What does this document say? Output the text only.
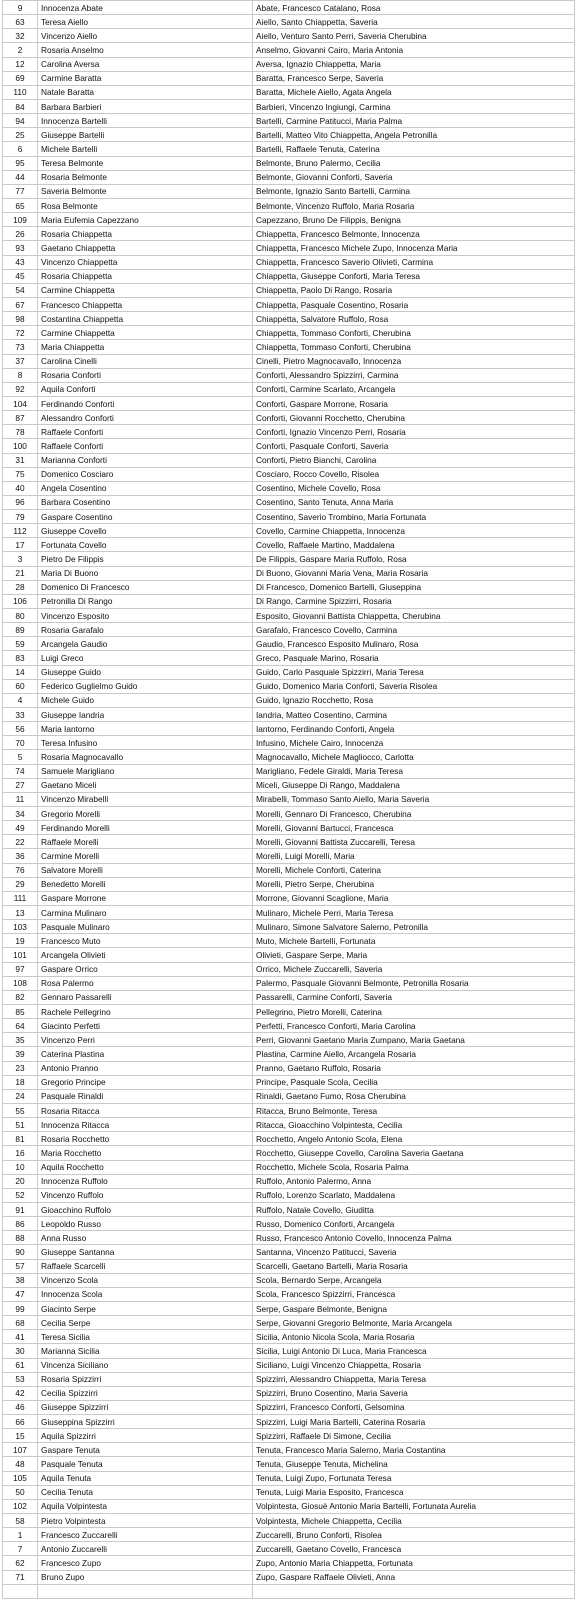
9	Innocenza Abate	Abate, Francesco Catalano, Rosa
63	Teresa Aiello	Aiello, Santo Chiappetta, Saveria
32	Vincenzo Aiello	Aiello, Venturo Santo Perri, Saveria Cherubina
2	Rosaria Anselmo	Anselmo, Giovanni Cairo, Maria Antonia
12	Carolina Aversa	Aversa, Ignazio Chiappetta, Maria
69	Carmine Baratta	Baratta, Francesco Serpe, Saveria
110	Natale Baratta	Baratta, Michele Aiello, Agata Angela
84	Barbara Barbieri	Barbieri, Vincenzo Ingiungi, Carmina
94	Innocenza Bartelli	Bartelli, Carmine Patitucci, Maria Palma
25	Giuseppe Bartelli	Bartelli, Matteo Vito Chiappetta, Angela Petronilla
6	Michele Bartelli	Bartelli, Raffaele Tenuta, Caterina
95	Teresa Belmonte	Belmonte, Bruno Palermo, Cecilia
44	Rosaria Belmonte	Belmonte, Giovanni Conforti, Saveria
77	Saveria Belmonte	Belmonte, Ignazio Santo Bartelli, Carmina
65	Rosa Belmonte	Belmonte, Vincenzo Ruffolo, Maria Rosaria
109	Maria Eufemia Capezzano	Capezzano, Bruno De Filippis, Benigna
26	Rosaria Chiappetta	Chiappetta, Francesco Belmonte, Innocenza
93	Gaetano Chiappetta	Chiappetta, Francesco Michele Zupo, Innocenza Maria
43	Vincenzo Chiappetta	Chiappetta, Francesco Saverio Olivieti, Carmina
45	Rosaria Chiappetta	Chiappetta, Giuseppe Conforti, Maria Teresa
54	Carmine Chiappetta	Chiappetta, Paolo Di Rango, Rosaria
67	Francesco Chiappetta	Chiappetta, Pasquale Cosentino, Rosaria
98	Costantina Chiappetta	Chiappetta, Salvatore Ruffolo, Rosa
72	Carmine Chiappetta	Chiappetta, Tommaso Conforti, Cherubina
73	Maria Chiappetta	Chiappetta, Tommaso Conforti, Cherubina
37	Carolina Cinelli	Cinelli, Pietro Magnocavallo, Innocenza
8	Rosaria Conforti	Conforti, Alessandro Spizzirri, Carmina
92	Aquila Conforti	Conforti, Carmine Scarlato, Arcangela
104	Ferdinando Conforti	Conforti, Gaspare Morrone, Rosaria
87	Alessandro Conforti	Conforti, Giovanni Rocchetto, Cherubina
78	Raffaele Conforti	Conforti, Ignazio Vincenzo Perri, Rosaria
100	Raffaele Conforti	Conforti, Pasquale Conforti, Saveria
31	Marianna Conforti	Conforti, Pietro Bianchi, Carolina
75	Domenico Cosciaro	Cosciaro, Rocco Covello, Risolea
40	Angela Cosentino	Cosentino, Michele Covello, Rosa
96	Barbara Cosentino	Cosentino, Santo Tenuta, Anna Maria
79	Gasparе Cosentino	Cosentino, Saverio Trombino, Maria Fortunata
112	Giuseppe Covello	Covello, Carmine Chiappetta, Innocenza
17	Fortunata Covello	Covello, Raffaele Martino, Maddalena
3	Pietro De Filippis	De Filippis, Gaspare Maria Ruffolo, Rosa
21	Maria Di Buono	Di Buono, Giovanni Maria Vena, Maria Rosaria
28	Domenico Di Francesco	Di Francesco, Domenico Bartelli, Giuseppina
106	Petronilla Di Rango	Di Rango, Carmine Spizzirri, Rosaria
80	Vincenzo Esposito	Esposito, Giovanni Battista Chiappetta, Cherubina
89	Rosaria Garafalo	Garafalo, Francesco Covello, Carmina
59	Arcangela Gaudio	Gaudio, Francesco Esposito Mulinaro, Rosa
83	Luigi Greco	Greco, Pasquale Marino, Rosaria
14	Giuseppe Guido	Guido, Carlo Pasquale Spizzirri, Maria Teresa
60	Federico Guglielmo Guido	Guido, Domenico Maria Conforti, Saveria Risolea
4	Michele Guido	Guido, Ignazio Rocchetto, Rosa
33	Giuseppe Iandria	Iandria, Matteo Cosentino, Carmina
56	Maria Iantorno	Iantorno, Ferdinando Conforti, Angela
70	Teresa Infusino	Infusino, Michele Cairo, Innocenza
5	Rosaria Magnocavallo	Magnocavallo, Michele Magliocco, Carlotta
74	Samuele Marigliano	Marigliano, Fedele Giraldi, Maria Teresa
27	Gaetano Miceli	Miceli, Giuseppe Di Rango, Maddalena
11	Vincenzo Mirabelli	Mirabelli, Tommaso Santo Aiello, Maria Saveria
34	Gregorio Morelli	Morelli, Gennaro Di Francesco, Cherubina
49	Ferdinando Morelli	Morelli, Giovanni Bartucci, Francesca
22	Raffaele Morelli	Morelli, Giovanni Battista Zuccarelli, Teresa
36	Carmine Morelli	Morelli, Luigi Morelli, Maria
76	Salvatore Morelli	Morelli, Michele Conforti, Caterina
29	Benedetto Morelli	Morelli, Pietro Serpe, Cherubina
111	Gaspare Morrone	Morrone, Giovanni Scaglione, Maria
13	Carmina Mulinaro	Mulinaro, Michele Perri, Maria Teresa
103	Pasquale Mulinaro	Mulinaro, Simone Salvatore Salerno, Petronilla
19	Francesco Muto	Muto, Michele Bartelli, Fortunata
101	Arcangela Olivieti	Olivieti, Gaspare Serpe, Maria
97	Gaspare Orrico	Orrico, Michele Zuccarelli, Saveria
108	Rosa Palermo	Palermo, Pasquale Giovanni Belmonte, Petronilla Rosaria
82	Gennaro Passarelli	Passarelli, Carmine Conforti, Saveria
85	Rachele Pellegrino	Pellegrino, Pietro Morelli, Caterina
64	Giacinto Perfetti	Perfetti, Francesco Conforti, Maria Carolina
35	Vincenzo Perri	Perri, Giovanni Gaetano Maria Zumpano, Maria Gaetana
39	Caterina Plastina	Plastina, Carmine Aiello, Arcangela Rosaria
23	Antonio Pranno	Pranno, Gaetano Ruffolo, Rosaria
18	Gregorio Principe	Principe, Pasquale Scola, Cecilia
24	Pasquale Rinaldi	Rinaldi, Gaetano Fumo, Rosa Cherubina
55	Rosaria Ritacca	Ritacca, Bruno Belmonte, Teresa
51	Innocenza Ritacca	Ritacca, Gioacchino Volpintesta, Cecilia
81	Rosaria Rocchetto	Rocchetto, Angelo Antonio Scola, Elena
16	Maria Rocchetto	Rocchetto, Giuseppe Covello, Carolina Saveria Gaetana
10	Aquila Rocchetto	Rocchetto, Michele Scola, Rosaria Palma
20	Innocenza Ruffolo	Ruffolo, Antonio Palermo, Anna
52	Vincenzo Ruffolo	Ruffolo, Lorenzo Scarlato, Maddalena
91	Gioacchino Ruffolo	Ruffolo, Natale Covello, Giuditta
86	Leopoldo Russo	Russo, Domenico Conforti, Arcangela
88	Anna Russo	Russo, Francesco Antonio Covello, Innocenza Palma
90	Giuseppe Santanna	Santanna, Vincenzo Patitucci, Saveria
57	Raffaele Scarcelli	Scarcelli, Gaetano Bartelli, Maria Rosaria
38	Vincenzo Scola	Scola, Bernardo Serpe, Arcangela
47	Innocenza Scola	Scola, Francesco Spizzirri, Francesca
99	Giacinto Serpe	Serpe, Gaspare Belmonte, Benigna
68	Cecilia Serpe	Serpe, Giovanni Gregorio Belmonte, Maria Arcangela
41	Teresa Sicilia	Sicilia, Antonio Nicola Scola, Maria Rosaria
30	Marianna Sicilia	Sicilia, Luigi Antonio Di Luca, Maria Francesca
61	Vincenza Siciliano	Siciliano, Luigi Vincenzo Chiappetta, Rosaria
53	Rosaria Spizzirri	Spizzirri, Alessandro Chiappetta, Maria Teresa
42	Cecilia Spizzirri	Spizzirri, Bruno Cosentino, Maria Saveria
46	Giuseppe Spizzirri	Spizzirri, Francesco Conforti, Gelsomina
66	Giuseppina Spizzirri	Spizzirri, Luigi Maria Bartelli, Caterina Rosaria
15	Aquila Spizzirri	Spizzirri, Raffaele Di Simone, Cecilia
107	Gaspare Tenuta	Tenuta, Francesco Maria Salerno, Maria Costantina
48	Pasquale Tenuta	Tenuta, Giuseppe Tenuta, Michelina
105	Aquila Tenuta	Tenuta, Luigi Zupo, Fortunata Teresa
50	Cecilia Tenuta	Tenuta, Luigi Maria Esposito, Francesca
102	Aquila Volpintesta	Volpintesta, Giosuè Antonio Maria Bartelli, Fortunata Aurelia
58	Pietro Volpintesta	Volpintesta, Michele Chiappetta, Cecilia
1	Francesco Zuccarelli	Zuccarelli, Bruno Conforti, Risolea
7	Antonio Zuccarelli	Zuccarelli, Gaetano Covello, Francesca
62	Francesco Zupo	Zupo, Antonio Maria Chiappetta, Fortunata
71	Bruno Zupo	Zupo, Gaspare Raffaele Olivieti, Anna
